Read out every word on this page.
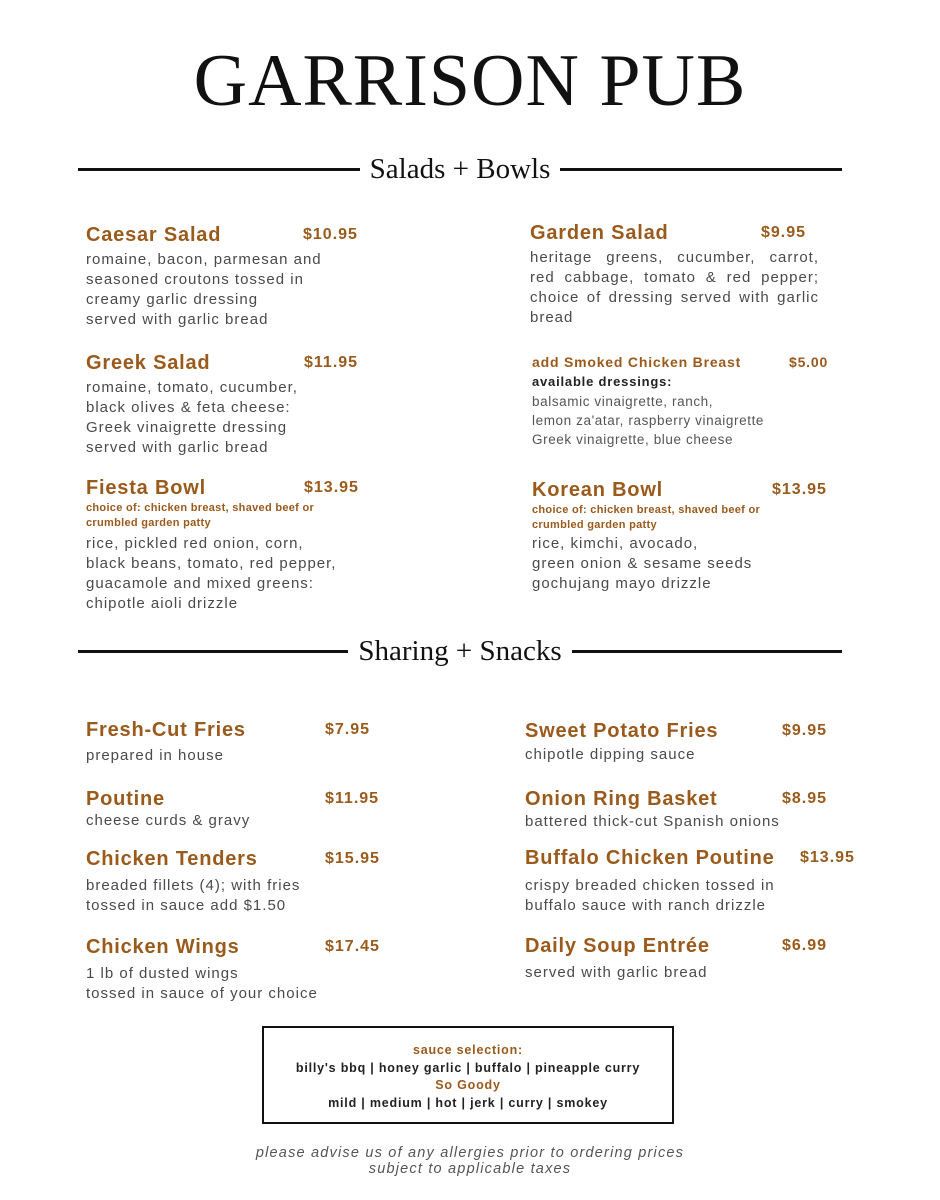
GARRISON PUB
Salads + Bowls
Caesar Salad	$10.95
romaine, bacon, parmesan and
seasoned croutons tossed in
creamy garlic dressing
served with garlic bread
Greek Salad	$11.95
romaine, tomato, cucumber,
black olives & feta cheese:
Greek vinaigrette dressing
served with garlic bread
Fiesta Bowl	$13.95
choice of: chicken breast, shaved beef or crumbled garden patty
rice, pickled red onion, corn,
black beans, tomato, red pepper,
guacamole and mixed greens:
chipotle aioli drizzle
Garden Salad	$9.95
heritage greens, cucumber, carrot, red cabbage, tomato & red pepper; choice of dressing served with garlic bread
add Smoked Chicken Breast	$5.00
available dressings:
balsamic vinaigrette, ranch,
lemon za'atar, raspberry vinaigrette
Greek vinaigrette, blue cheese
Korean Bowl	$13.95
choice of: chicken breast, shaved beef or crumbled garden patty
rice, kimchi, avocado,
green onion & sesame seeds
gochujang mayo drizzle
Sharing + Snacks
Fresh-Cut Fries	$7.95
prepared in house
Poutine	$11.95
cheese curds & gravy
Chicken Tenders	$15.95
breaded fillets (4); with fries
tossed in sauce add $1.50
Chicken Wings	$17.45
1 lb of dusted wings
tossed in sauce of your choice
Sweet Potato Fries	$9.95
chipotle dipping sauce
Onion Ring Basket	$8.95
battered thick-cut Spanish onions
Buffalo Chicken Poutine $13.95
crispy breaded chicken tossed in
buffalo sauce with ranch drizzle
Daily Soup Entrée	$6.99
served with garlic bread
sauce selection:
billy's bbq | honey garlic | buffalo | pineapple curry
So Goody
mild | medium | hot | jerk | curry | smokey
please advise us of any allergies prior to ordering prices
subject to applicable taxes
